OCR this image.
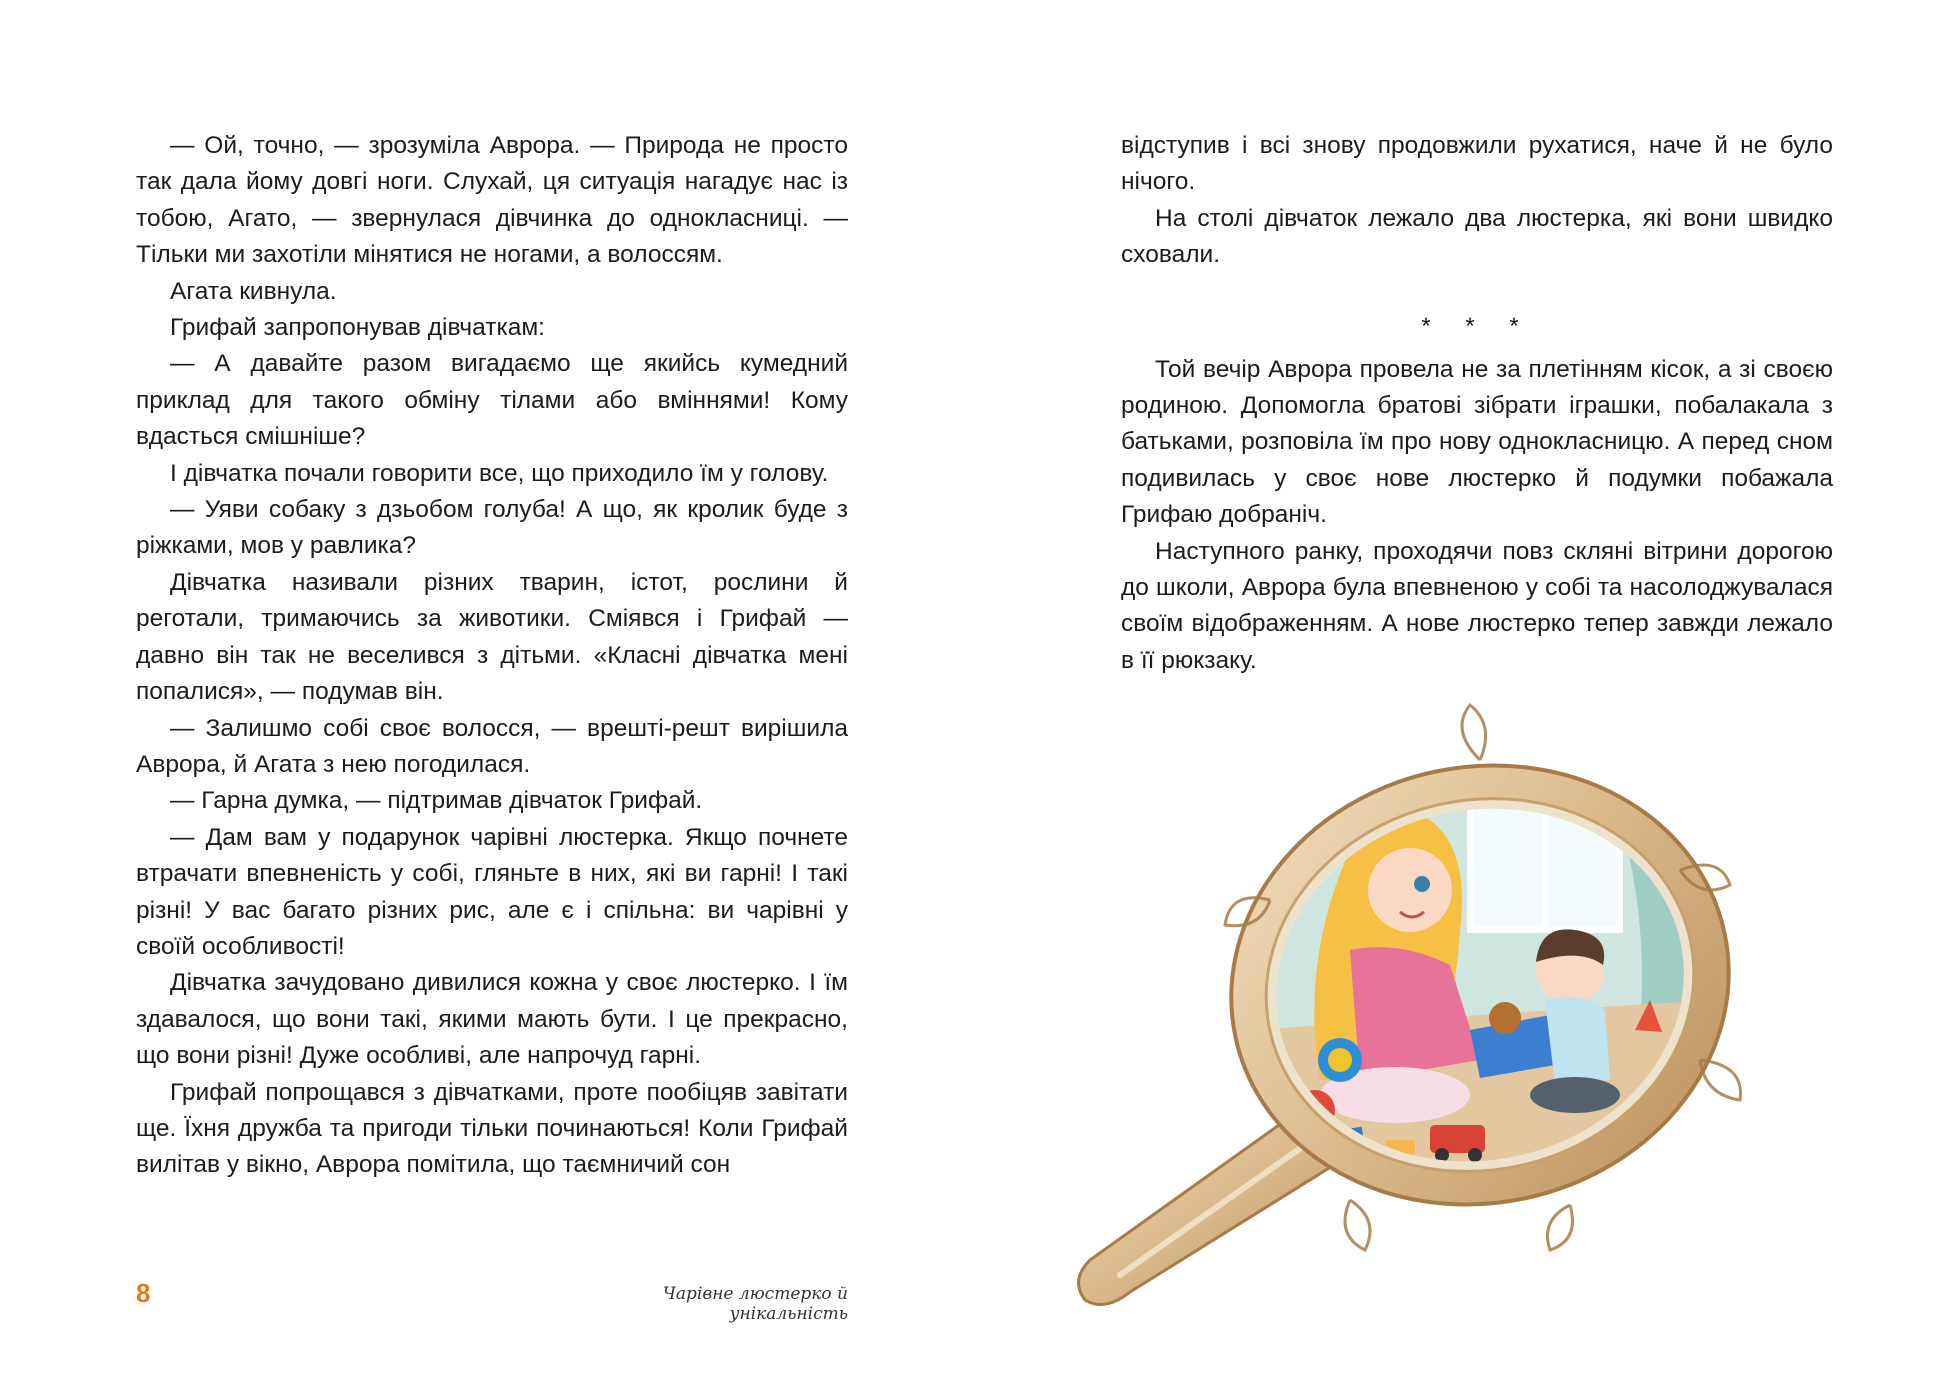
— Ой, точно, — зрозуміла Аврора. — Природа не просто так дала йому довгі ноги. Слухай, ця ситуація нагадує нас із тобою, Агато, — звернулася дівчинка до однокласниці. — Тільки ми захотіли мінятися не ногами, а волоссям.

Агата кивнула.

Грифай запропонував дівчаткам:

— А давайте разом вигадаємо ще якийсь кумедний приклад для такого обміну тілами або вміннями! Кому вдасться смішніше?

І дівчатка почали говорити все, що приходило їм у голову.

— Уяви собаку з дзьобом голуба! А що, як кролик буде з ріжками, мов у равлика?

Дівчатка називали різних тварин, істот, рослини й реготали, тримаючись за животики. Сміявся і Грифай — давно він так не веселився з дітьми. «Класні дівчатка мені попалися», — подумав він.

— Залишмо собі своє волосся, — врешті-решт вирішила Аврора, й Агата з нею погодилася.

— Гарна думка, — підтримав дівчаток Грифай.

— Дам вам у подарунок чарівні люстерка. Якщо почнете втрачати впевненість у собі, гляньте в них, які ви гарні! І такі різні! У вас багато різних рис, але є і спільна: ви чарівні у своїй особливості!

Дівчатка зачудовано дивилися кожна у своє люстерко. І їм здавалося, що вони такі, якими мають бути. І це прекрасно, що вони різні! Дуже особливі, але напрочуд гарні.

Грифай попрощався з дівчатками, проте пообіцяв завітати ще. Їхня дружба та пригоди тільки починаються! Коли Грифай вилітав у вікно, Аврора помітила, що таємничий сон

8	Чарівне люстерко й унікальність

відступив і всі знову продовжили рухатися, наче й не було нічого.

На столі дівчаток лежало два люстерка, які вони швидко сховали.

* * *

Той вечір Аврора провела не за плетінням кісок, а зі своєю родиною. Допомогла братові зібрати іграшки, побалакала з батьками, розповіла їм про нову однокласницю. А перед сном подивилась у своє нове люстерко й подумки побажала Грифаю добраніч.

Наступного ранку, проходячи повз скляні вітрини дорогою до школи, Аврора була впевненою у собі та насолоджувалася своїм відображенням. А нове люстерко тепер завжди лежало в її рюкзаку.
